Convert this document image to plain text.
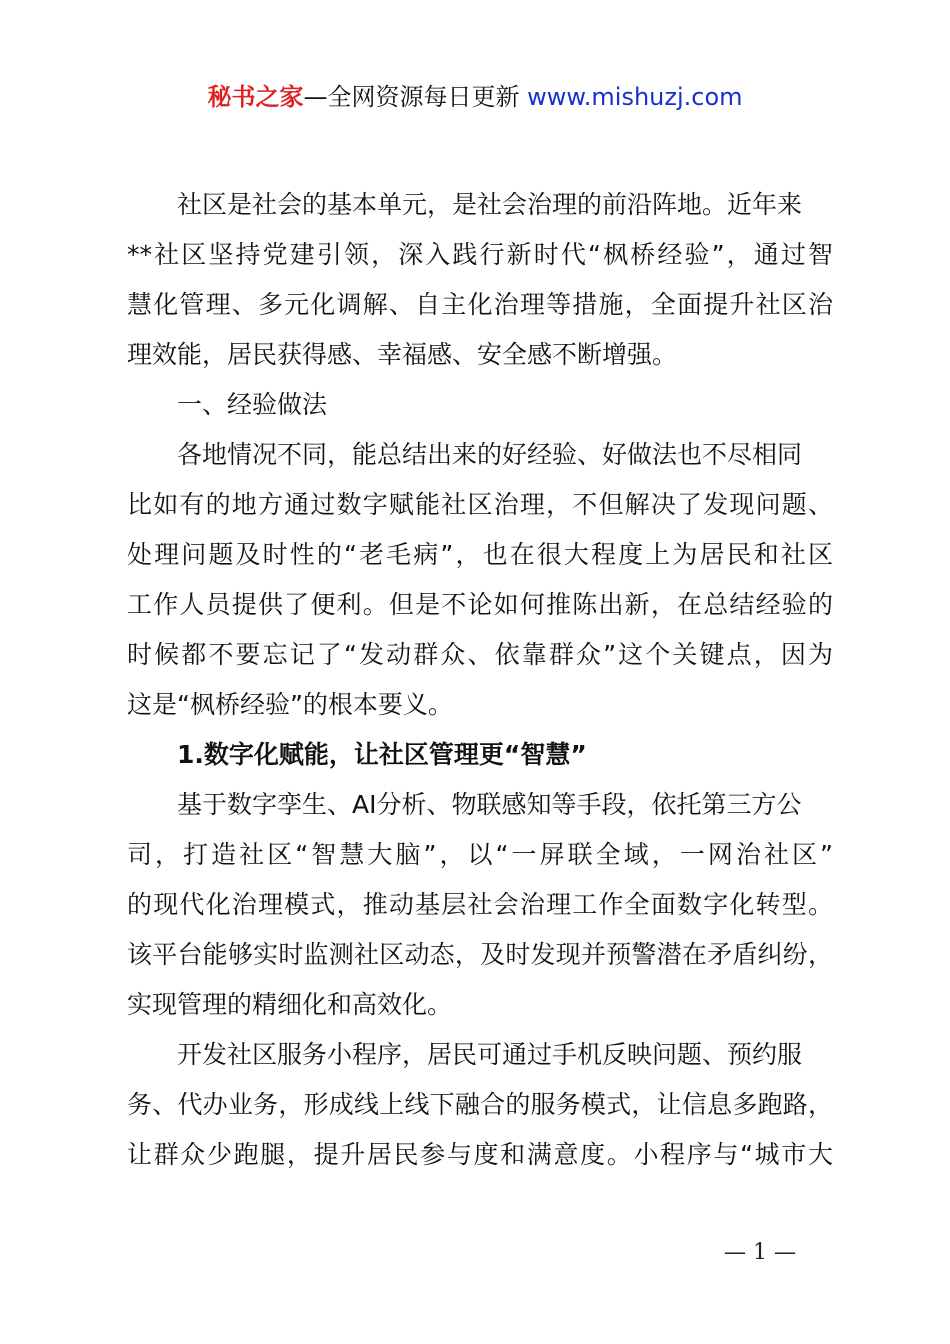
秘书之家—全网资源每日更新 www.mishuzj.com
社区是社会的基本单元，是社会治理的前沿阵地。近年来
**社区坚持党建引领，深入践行新时代“枫桥经验”，通过智
慧化管理、多元化调解、自主化治理等措施，全面提升社区治
理效能，居民获得感、幸福感、安全感不断增强。
一、经验做法
各地情况不同，能总结出来的好经验、好做法也不尽相同
比如有的地方通过数字赋能社区治理，不但解决了发现问题、
处理问题及时性的“老毛病”，也在很大程度上为居民和社区
工作人员提供了便利。但是不论如何推陈出新，在总结经验的
时候都不要忘记了“发动群众、依靠群众”这个关键点，因为
这是“枫桥经验”的根本要义。
1.数字化赋能，让社区管理更“智慧”
基于数字孪生、AI分析、物联感知等手段，依托第三方公
司，打造社区“智慧大脑”，以“一屏联全域，一网治社区”
的现代化治理模式，推动基层社会治理工作全面数字化转型。
该平台能够实时监测社区动态，及时发现并预警潜在矛盾纠纷，
实现管理的精细化和高效化。
开发社区服务小程序，居民可通过手机反映问题、预约服
务、代办业务，形成线上线下融合的服务模式，让信息多跑路，
让群众少跑腿，提升居民参与度和满意度。小程序与“城市大
— 1 —
